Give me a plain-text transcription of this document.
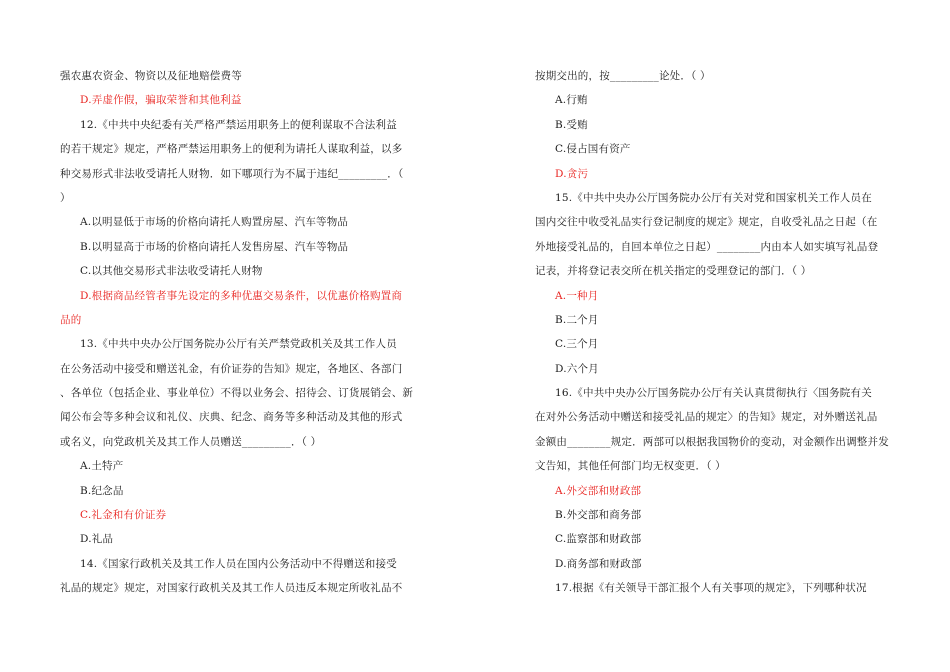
强农惠农资金、物资以及征地赔偿费等
D.弄虚作假，骗取荣誉和其他利益
12.《中共中央纪委有关严格严禁运用职务上的便利谋取不合法利益
的若干规定》规定，严格严禁运用职务上的便利为请托人谋取利益，以多
种交易形式非法收受请托人财物．如下哪项行为不属于违纪_________．（
）
A.以明显低于市场的价格向请托人购置房屋、汽车等物品
B.以明显高于市场的价格向请托人发售房屋、汽车等物品
C.以其他交易形式非法收受请托人财物
D.根据商品经管者事先设定的多种优惠交易条件，以优惠价格购置商
品的
13.《中共中央办公厅国务院办公厅有关严禁党政机关及其工作人员
在公务活动中接受和赠送礼金，有价证券的告知》规定，各地区、各部门
、各单位（包括企业、事业单位）不得以业务会、招待会、订货展销会、新
闻公布会等多种会议和礼仪、庆典、纪念、商务等多种活动及其他的形式
或名义，向党政机关及其工作人员赠送_________．（ ）
A.土特产
B.纪念品
C.礼金和有价证券
D.礼品
14.《国家行政机关及其工作人员在国内公务活动中不得赠送和接受
礼品的规定》规定，对国家行政机关及其工作人员违反本规定所收礼品不
按期交出的，按_________论处．（ ）
A.行贿
B.受贿
C.侵占国有资产
D.贪污
15.《中共中央办公厅国务院办公厅有关对党和国家机关工作人员在
国内交往中收受礼品实行登记制度的规定》规定，自收受礼品之日起（在
外地接受礼品的，自回本单位之日起）________内由本人如实填写礼品登
记表，并将登记表交所在机关指定的受理登记的部门．（ ）
A.一种月
B.二个月
C.三个月
D.六个月
16.《中共中央办公厅国务院办公厅有关认真贯彻执行〈国务院有关
在对外公务活动中赠送和接受礼品的规定〉的告知》规定，对外赠送礼品
金额由________规定．两部可以根据我国物价的变动，对金额作出调整并发
文告知，其他任何部门均无权变更．（ ）
A.外交部和财政部
B.外交部和商务部
C.监察部和财政部
D.商务部和财政部
17.根据《有关领导干部汇报个人有关事项的规定》，下列哪种状况
